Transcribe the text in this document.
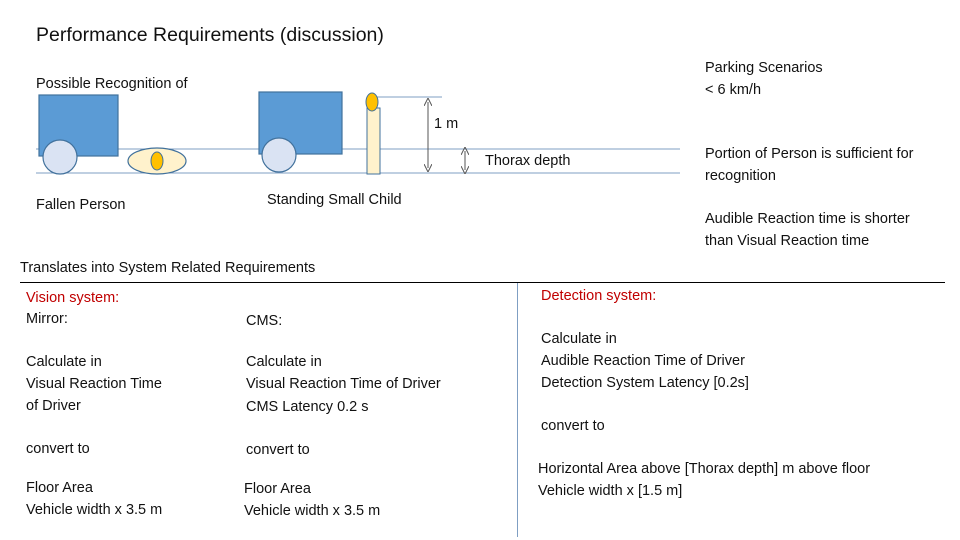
Performance Requirements (discussion)
Possible Recognition of
Parking Scenarios
< 6 km/h
1 m
Thorax depth	Portion of Person is sufficient for
recognition
Fallen Person	Standing Small Child
Audible Reaction time is shorter
than Visual Reaction time
Translates into System Related Requirements
Vision system:
Mirror:
Calculate in
Visual Reaction Time
of Driver
convert to
Floor Area
Vehicle width x 3.5 m
CMS:
Calculate in
Visual Reaction Time of Driver
CMS Latency 0.2 s
convert to
Floor Area
Vehicle width x 3.5 m
Detection system:
Calculate in
Audible Reaction Time of Driver
Detection System Latency [0.2s]
convert to
Horizontal Area above [Thorax depth] m above floor
Vehicle width x [1.5 m]
